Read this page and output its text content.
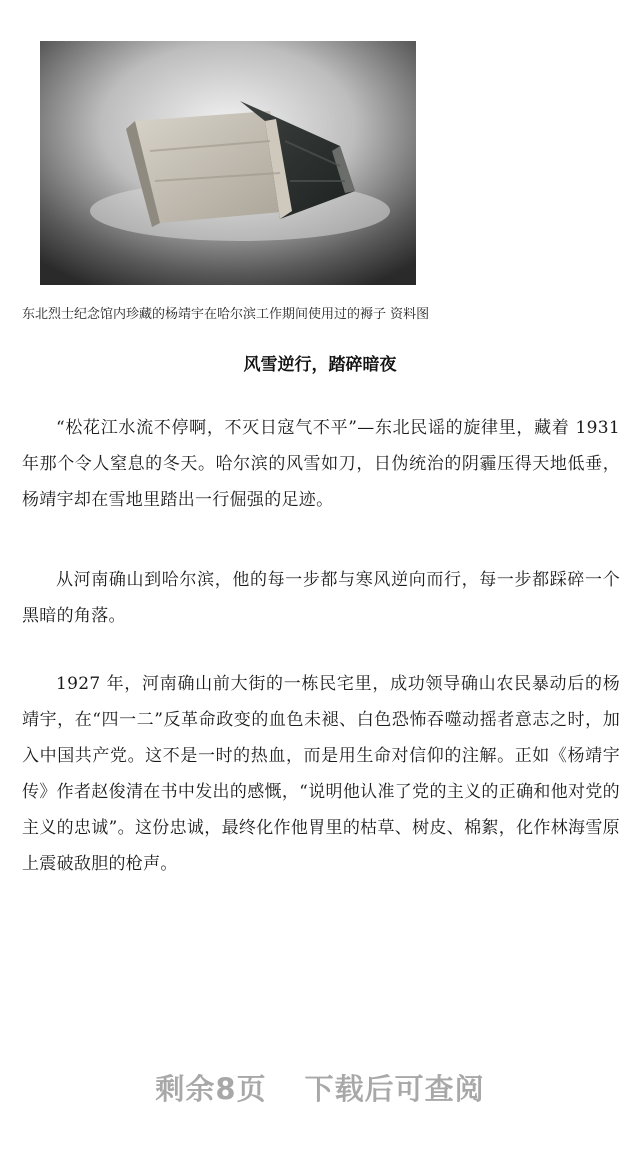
东北烈士纪念馆内珍藏的杨靖宇在哈尔滨工作期间使用过的褥子 资料图
风雪逆行，踏碎暗夜

“松花江水流不停啊，不灭日寇气不平”—东北民谣的旋律里，藏着 1931 年那个令人窒息的冬天。哈尔滨的风雪如刀，日伪统治的阴霾压得天地低垂，杨靖宇却在雪地里踏出一行倔强的足迹。

从河南确山到哈尔滨，他的每一步都与寒风逆向而行，每一步都踩碎一个黑暗的角落。

1927 年，河南确山前大街的一栋民宅里，成功领导确山农民暴动后的杨靖宇，在“四一二”反革命政变的血色未褪、白色恐怖吞噬动摇者意志之时，加入中国共产党。这不是一时的热血，而是用生命对信仰的注解。正如《杨靖宇传》作者赵俊清在书中发出的感慨，“说明他认准了党的主义的正确和他对党的主义的忠诚”。这份忠诚，最终化作他胃里的枯草、树皮、棉絮，化作林海雪原上震破敌胆的枪声。

剩余8页 下载后可查阅
